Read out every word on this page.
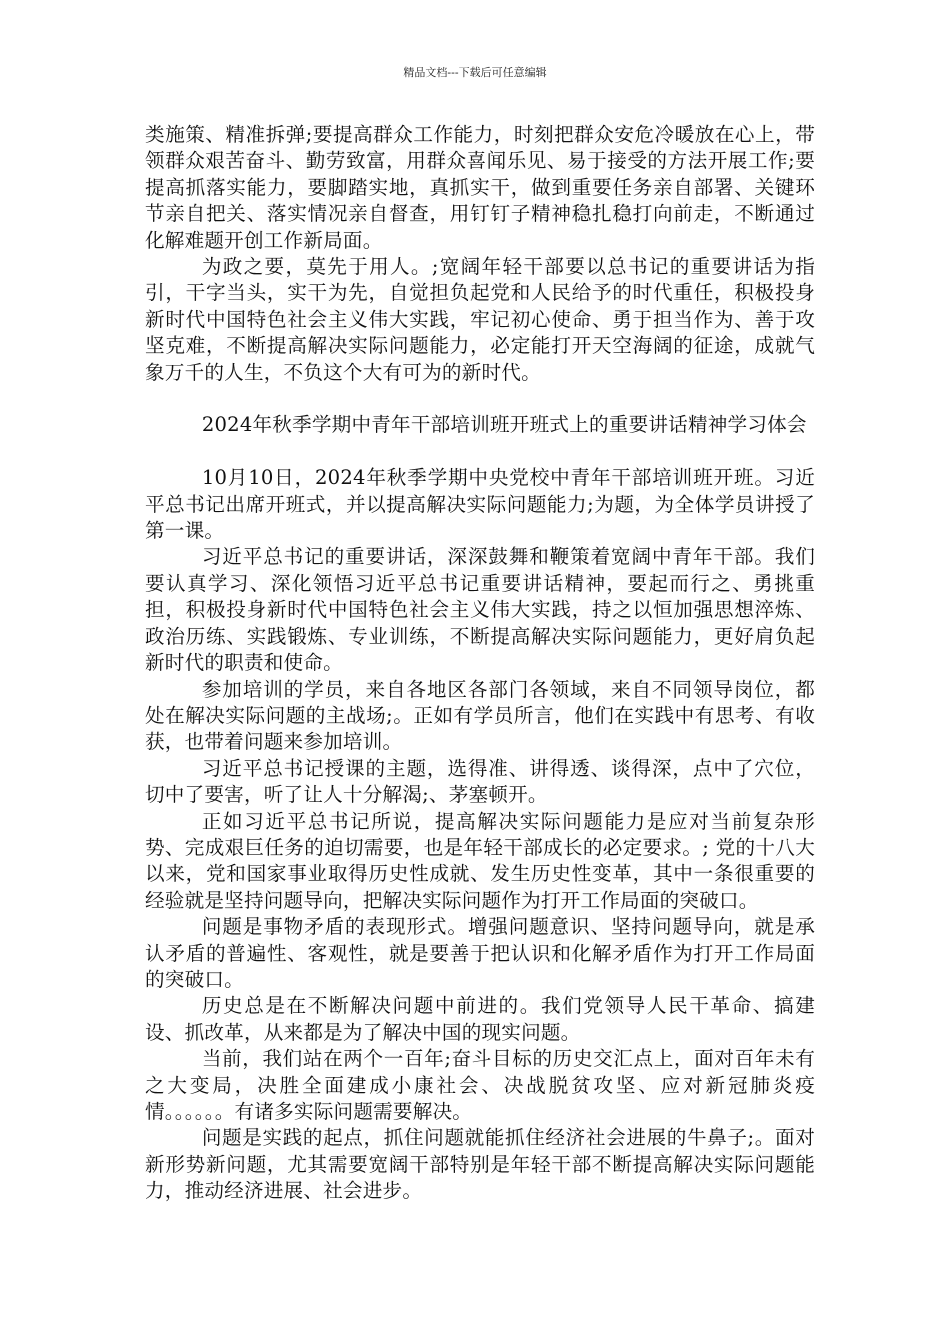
精品文档---下载后可任意编辑

类施策、精准拆弹;要提高群众工作能力，时刻把群众安危冷暖放在心上，带领群众艰苦奋斗、勤劳致富，用群众喜闻乐见、易于接受的方法开展工作;要提高抓落实能力，要脚踏实地，真抓实干，做到重要任务亲自部署、关键环节亲自把关、落实情况亲自督查，用钉钉子精神稳扎稳打向前走，不断通过化解难题开创工作新局面。

为政之要，莫先于用人。;宽阔年轻干部要以总书记的重要讲话为指引，干字当头，实干为先，自觉担负起党和人民给予的时代重任，积极投身新时代中国特色社会主义伟大实践，牢记初心使命、勇于担当作为、善于攻坚克难，不断提高解决实际问题能力，必定能打开天空海阔的征途，成就气象万千的人生，不负这个大有可为的新时代。

2024年秋季学期中青年干部培训班开班式上的重要讲话精神学习体会

10月10日，2024年秋季学期中央党校中青年干部培训班开班。习近平总书记出席开班式，并以提高解决实际问题能力;为题，为全体学员讲授了第一课。

习近平总书记的重要讲话，深深鼓舞和鞭策着宽阔中青年干部。我们要认真学习、深化领悟习近平总书记重要讲话精神，要起而行之、勇挑重担，积极投身新时代中国特色社会主义伟大实践，持之以恒加强思想淬炼、政治历练、实践锻炼、专业训练，不断提高解决实际问题能力，更好肩负起新时代的职责和使命。

参加培训的学员，来自各地区各部门各领域，来自不同领导岗位，都处在解决实际问题的主战场;。正如有学员所言，他们在实践中有思考、有收获，也带着问题来参加培训。

习近平总书记授课的主题，选得准、讲得透、谈得深，点中了穴位，切中了要害，听了让人十分解渴;、茅塞顿开。

正如习近平总书记所说，提高解决实际问题能力是应对当前复杂形势、完成艰巨任务的迫切需要，也是年轻干部成长的必定要求。; 党的十八大以来，党和国家事业取得历史性成就、发生历史性变革，其中一条很重要的经验就是坚持问题导向，把解决实际问题作为打开工作局面的突破口。

问题是事物矛盾的表现形式。增强问题意识、坚持问题导向，就是承认矛盾的普遍性、客观性，就是要善于把认识和化解矛盾作为打开工作局面的突破口。

历史总是在不断解决问题中前进的。我们党领导人民干革命、搞建设、抓改革，从来都是为了解决中国的现实问题。

当前，我们站在两个一百年;奋斗目标的历史交汇点上，面对百年未有之大变局，决胜全面建成小康社会、决战脱贫攻坚、应对新冠肺炎疫情。。。。。。有诸多实际问题需要解决。

问题是实践的起点，抓住问题就能抓住经济社会进展的牛鼻子;。面对新形势新问题，尤其需要宽阔干部特别是年轻干部不断提高解决实际问题能力，推动经济进展、社会进步。
